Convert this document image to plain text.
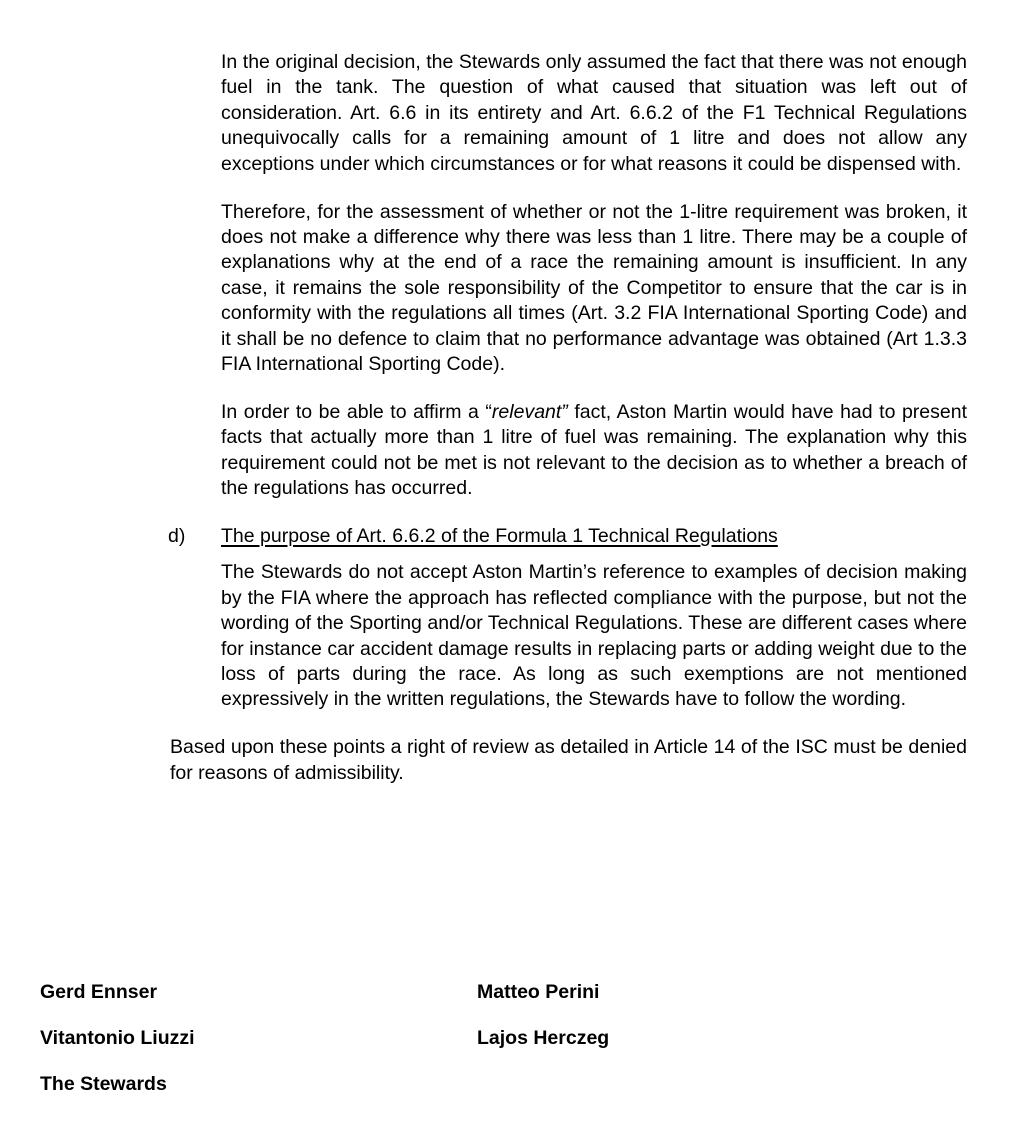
In the original decision, the Stewards only assumed the fact that there was not enough fuel in the tank. The question of what caused that situation was left out of consideration. Art. 6.6 in its entirety and Art. 6.6.2 of the F1 Technical Regulations unequivocally calls for a remaining amount of 1 litre and does not allow any exceptions under which circumstances or for what reasons it could be dispensed with.

Therefore, for the assessment of whether or not the 1-litre requirement was broken, it does not make a difference why there was less than 1 litre. There may be a couple of explanations why at the end of a race the remaining amount is insufficient. In any case, it remains the sole responsibility of the Competitor to ensure that the car is in conformity with the regulations all times (Art. 3.2 FIA International Sporting Code) and it shall be no defence to claim that no performance advantage was obtained (Art 1.3.3 FIA International Sporting Code).

In order to be able to affirm a “relevant” fact, Aston Martin would have had to present facts that actually more than 1 litre of fuel was remaining. The explanation why this requirement could not be met is not relevant to the decision as to whether a breach of the regulations has occurred.

d) The purpose of Art. 6.6.2 of the Formula 1 Technical Regulations

The Stewards do not accept Aston Martin’s reference to examples of decision making by the FIA where the approach has reflected compliance with the purpose, but not the wording of the Sporting and/or Technical Regulations. These are different cases where for instance car accident damage results in replacing parts or adding weight due to the loss of parts during the race. As long as such exemptions are not mentioned expressively in the written regulations, the Stewards have to follow the wording.

Based upon these points a right of review as detailed in Article 14 of the ISC must be denied for reasons of admissibility.

Gerd Ennser	Matteo Perini
Vitantonio Liuzzi	Lajos Herczeg
The Stewards
